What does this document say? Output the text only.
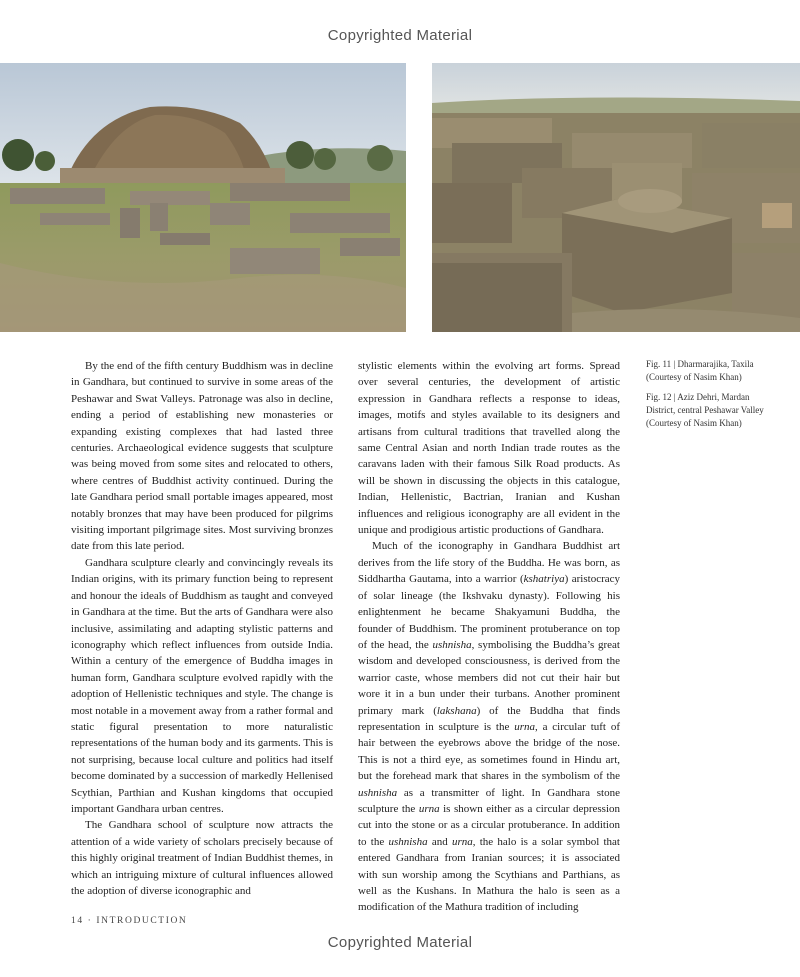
Copyrighted Material

By the end of the fifth century Buddhism was in decline in Gandhara, but continued to survive in some areas of the Peshawar and Swat Valleys. Patronage was also in decline, ending a period of establishing new monasteries or expanding existing complexes that had lasted three centuries. Archaeological evidence suggests that sculpture was being moved from some sites and relocated to others, where centres of Buddhist activity continued. During the late Gandhara period small portable images appeared, most notably bronzes that may have been produced for pilgrims visiting important pilgrimage sites. Most surviving bronzes date from this late period.

Gandhara sculpture clearly and convincingly reveals its Indian origins, with its primary function being to represent and honour the ideals of Buddhism as taught and conveyed in Gandhara at the time. But the arts of Gandhara were also inclusive, assimilating and adapting stylistic patterns and iconography which reflect influences from outside India. Within a century of the emergence of Buddha images in human form, Gandhara sculpture evolved rapidly with the adoption of Hellenistic techniques and style. The change is most notable in a movement away from a rather formal and static figural presentation to more naturalistic representations of the human body and its garments. This is not surprising, because local culture and politics had itself become dominated by a succession of markedly Hellenised Scythian, Parthian and Kushan kingdoms that occupied important Gandhara urban centres.

The Gandhara school of sculpture now attracts the attention of a wide variety of scholars precisely because of this highly original treatment of Indian Buddhist themes, in which an intriguing mixture of cultural influences allowed the adoption of diverse iconographic and

stylistic elements within the evolving art forms. Spread over several centuries, the development of artistic expression in Gandhara reflects a response to ideas, images, motifs and styles available to its designers and artisans from cultural traditions that travelled along the same Central Asian and north Indian trade routes as the caravans laden with their famous Silk Road products. As will be shown in discussing the objects in this catalogue, Indian, Hellenistic, Bactrian, Iranian and Kushan influences and religious iconography are all evident in the unique and prodigious artistic productions of Gandhara.

Much of the iconography in Gandhara Buddhist art derives from the life story of the Buddha. He was born, as Siddhartha Gautama, into a warrior (kshatriya) aristocracy of solar lineage (the Ikshvaku dynasty). Following his enlightenment he became Shakyamuni Buddha, the founder of Buddhism. The prominent protuberance on top of the head, the ushnisha, symbolising the Buddha’s great wisdom and developed consciousness, is derived from the warrior caste, whose members did not cut their hair but wore it in a bun under their turbans. Another prominent primary mark (lakshana) of the Buddha that finds representation in sculpture is the urna, a circular tuft of hair between the eyebrows above the bridge of the nose. This is not a third eye, as sometimes found in Hindu art, but the forehead mark that shares in the symbolism of the ushnisha as a transmitter of light. In Gandhara stone sculpture the urna is shown either as a circular depression cut into the stone or as a circular protuberance. In addition to the ushnisha and urna, the halo is a solar symbol that entered Gandhara from Iranian sources; it is associated with sun worship among the Scythians and Parthians, as well as the Kushans. In Mathura the halo is seen as a modification of the Mathura tradition of including

Fig. 11 | Dharmarajika, Taxila (Courtesy of Nasim Khan)

Fig. 12 | Aziz Dehri, Mardan District, central Peshawar Valley (Courtesy of Nasim Khan)

14 · INTRODUCTION
Copyrighted Material
